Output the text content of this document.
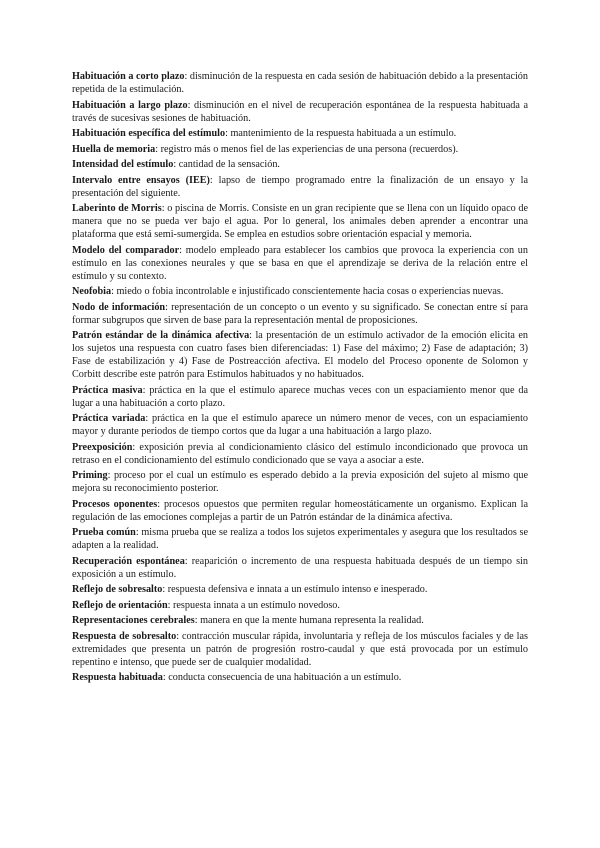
Habituación a corto plazo: disminución de la respuesta en cada sesión de habituación debido a la presentación repetida de la estimulación.

Habituación a largo plazo: disminución en el nivel de recuperación espontánea de la respuesta habituada a través de sucesivas sesiones de habituación.

Habituación específica del estímulo: mantenimiento de la respuesta habituada a un estímulo.

Huella de memoria: registro más o menos fiel de las experiencias de una persona (recuerdos).

Intensidad del estímulo: cantidad de la sensación.

Intervalo entre ensayos (IEE): lapso de tiempo programado entre la finalización de un ensayo y la presentación del siguiente.

Laberinto de Morris: o piscina de Morris. Consiste en un gran recipiente que se llena con un líquido opaco de manera que no se pueda ver bajo el agua. Por lo general, los animales deben aprender a encontrar una plataforma que está semi-sumergida. Se emplea en estudios sobre orientación espacial y memoria.

Modelo del comparador: modelo empleado para establecer los cambios que provoca la experiencia con un estímulo en las conexiones neurales y que se basa en que el aprendizaje se deriva de la relación entre el estímulo y su contexto.

Neofobia: miedo o fobia incontrolable e injustificado conscientemente hacia cosas o experiencias nuevas.

Nodo de información: representación de un concepto o un evento y su significado. Se conectan entre sí para formar subgrupos que sirven de base para la representación mental de proposiciones.

Patrón estándar de la dinámica afectiva: la presentación de un estímulo activador de la emoción elicita en los sujetos una respuesta con cuatro fases bien diferenciadas: 1) Fase del máximo; 2) Fase de adaptación; 3) Fase de estabilización y 4) Fase de Postreacción afectiva. El modelo del Proceso oponente de Solomon y Corbitt describe este patrón para Estímulos habituados y no habituados.

Práctica masiva: práctica en la que el estímulo aparece muchas veces con un espaciamiento menor que da lugar a una habituación a corto plazo.

Práctica variada: práctica en la que el estímulo aparece un número menor de veces, con un espaciamiento mayor y durante periodos de tiempo cortos que da lugar a una habituación a largo plazo.

Preexposición: exposición previa al condicionamiento clásico del estímulo incondicionado que provoca un retraso en el condicionamiento del estímulo condicionado que se vaya a asociar a este.

Priming: proceso por el cual un estímulo es esperado debido a la previa exposición del sujeto al mismo que mejora su reconocimiento posterior.

Procesos oponentes: procesos opuestos que permiten regular homeostáticamente un organismo. Explican la regulación de las emociones complejas a partir de un Patrón estándar de la dinámica afectiva.

Prueba común: misma prueba que se realiza a todos los sujetos experimentales y asegura que los resultados se adapten a la realidad.

Recuperación espontánea: reaparición o incremento de una respuesta habituada después de un tiempo sin exposición a un estímulo.

Reflejo de sobresalto: respuesta defensiva e innata a un estímulo intenso e inesperado.

Reflejo de orientación: respuesta innata a un estímulo novedoso.

Representaciones cerebrales: manera en que la mente humana representa la realidad.

Respuesta de sobresalto: contracción muscular rápida, involuntaria y refleja de los músculos faciales y de las extremidades que presenta un patrón de progresión rostro-caudal y que está provocada por un estímulo repentino e intenso, que puede ser de cualquier modalidad.

Respuesta habituada: conducta consecuencia de una habituación a un estímulo.
